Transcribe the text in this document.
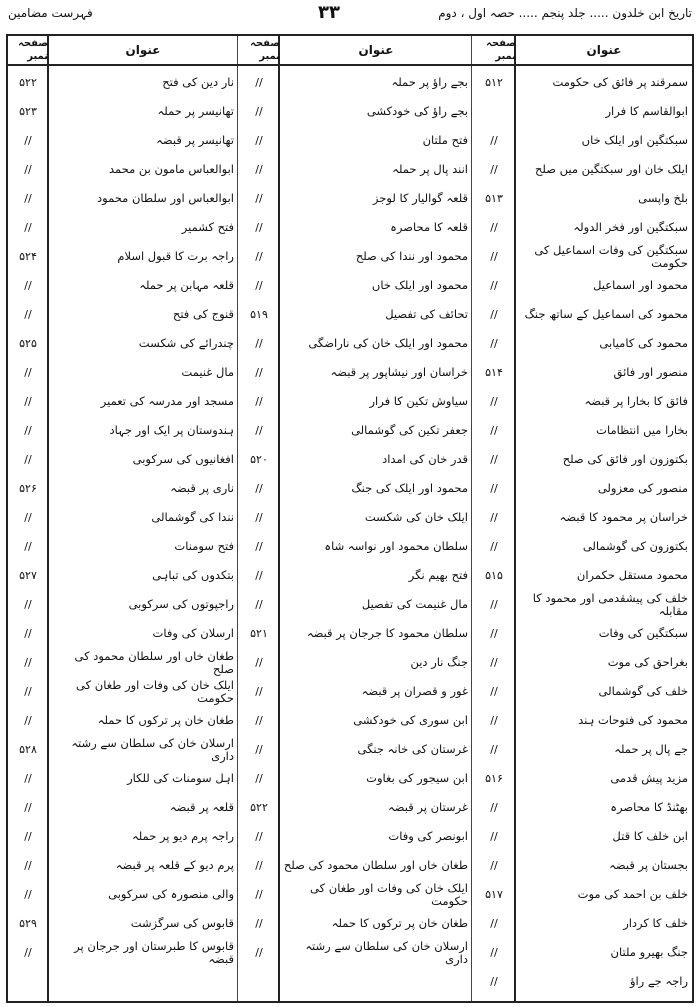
تاریخ ابن خلدون ..... جلد پنجم ..... حصہ اول ، دوم
۳۳
فہرست مضامین
عنوان
صفحہ نمبر
عنوان
صفحہ نمبر
عنوان
صفحہ نمبر
سمرقند پر فائق کی حکومت
۵۱۲
بجے راؤ پر حملہ
//
نار دین کی فتح
۵۲۲
ابوالقاسم کا فرار
بجے راؤ کی خودکشی
//
تھانیسر پر حملہ
۵۲۳
سبکتگین اور ایلک خاں
//
فتح ملتان
//
تھانیسر پر قبضہ
//
ایلک خان اور سبکتگین میں صلح
//
انند پال پر حملہ
//
ابوالعباس مامون بن محمد
//
بلخ واپسی
۵۱۳
قلعہ گوالیار کا لوجز
//
ابوالعباس اور سلطان محمود
//
سبکتگین اور فخر الدولہ
//
قلعہ کا محاصرہ
//
فتح کشمیر
//
سبکتگین کی وفات اسماعیل کی حکومت
//
محمود اور نندا کی صلح
//
راجہ برت کا قبول اسلام
۵۲۴
محمود اور اسماعیل
//
محمود اور ایلک خاں
//
قلعہ مہابن پر حملہ
//
محمود کی اسماعیل کے ساتھ جنگ
//
تحائف کی تفصیل
۵۱۹
قنوج کی فتح
//
محمود کی کامیابی
//
محمود اور ایلک خان کی ناراضگی
//
چندرائے کی شکست
۵۲۵
منصور اور فائق
۵۱۴
خراسان اور نیشاپور پر قبضہ
//
مال غنیمت
//
فائق کا بخارا پر قبضہ
//
سیاوش تکین کا فرار
//
مسجد اور مدرسہ کی تعمیر
//
بخارا میں انتظامات
//
جعفر تکین کی گوشمالی
//
ہندوستان پر ایک اور جہاد
//
بکتوزون اور فائق کی صلح
//
قدر خان کی امداد
۵۲۰
افغانیوں کی سرکوبی
//
منصور کی معزولی
//
محمود اور ایلک کی جنگ
//
ناری پر قبضہ
۵۲۶
خراسان پر محمود کا قبضہ
//
ایلک خان کی شکست
//
نندا کی گوشمالی
//
بکتوزون کی گوشمالی
//
سلطان محمود اور نواسہ شاہ
//
فتح سومنات
//
محمود مستقل حکمران
۵۱۵
فتح بھیم نگر
//
بتکدوں کی تباہی
۵۲۷
خلف کی پیشقدمی اور محمود کا مقابلہ
//
مال غنیمت کی تفصیل
//
راجپوتوں کی سرکوبی
//
سبکتگین کی وفات
//
سلطان محمود کا جرجان پر قبضہ
۵۲۱
ارسلان کی وفات
//
بغراحق کی موت
//
جنگ نار دین
//
طغان خاں اور سلطان محمود کی صلح
//
خلف کی گوشمالی
//
غور و قصران پر قبضہ
//
ایلک خان کی وفات اور طغان کی حکومت
//
محمود کی فتوحات ہند
//
ابن سوری کی خودکشی
//
طغان خان پر ترکوں کا حملہ
//
جے پال پر حملہ
//
غرستان کی خانہ جنگی
//
ارسلان خان کی سلطان سے رشتہ داری
۵۲۸
مزید پیش قدمی
۵۱۶
ابن سیجور کی بغاوت
//
اہل سومنات کی للکار
//
بھٹنڈ کا محاصرہ
//
غرستان پر قبضہ
۵۲۲
قلعہ پر قبضہ
//
ابن خلف کا قتل
//
ابونصر کی وفات
//
راجہ پرم دیو پر حملہ
//
بجستان پر قبضہ
//
طغان خاں اور سلطان محمود کی صلح
//
پرم دیو کے قلعہ پر قبضہ
//
خلف بن احمد کی موت
۵۱۷
ایلک خان کی وفات اور طغان کی حکومت
//
والی منصورہ کی سرکوبی
//
خلف کا کردار
//
طغان خان پر ترکوں کا حملہ
//
قابوس کی سرگزشت
۵۲۹
جنگ بھیرو ملتان
//
ارسلان خان کی سلطان سے رشتہ داری
//
قابوس کا طبرستان اور جرجان پر قبضہ
//
راجہ جے راؤ
//
